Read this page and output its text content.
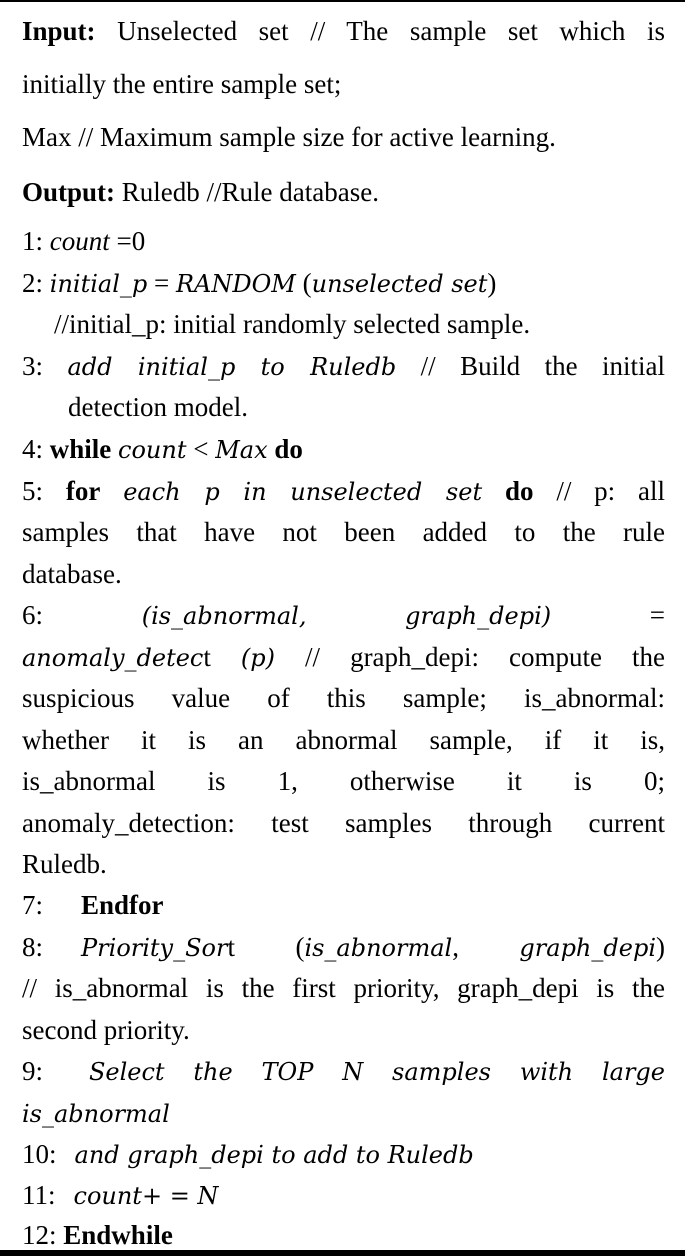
Input: Unselected set // The sample set which is
initially the entire sample set;
Max // Maximum sample size for active learning.
Output: Ruledb //Rule database.
1: count =0
2: initial_p = RANDOM (unselected set)
//initial_p: initial randomly selected sample.
3: add initial_p to Ruledb // Build the initial
detection model.
4: while count < Max do
5: for each p in unselected set do // p: all
samples that have not been added to the rule
database.
6:	(is_abnormal,	graph_depi)	=
anomaly_detect (p) // graph_depi: compute the
suspicious value of this sample; is_abnormal:
whether it is an abnormal sample, if it is,
is_abnormal is 1, otherwise it is 0;
anomaly_detection: test samples through current
Ruledb.
7: Endfor
8: Priority_Sort (is_abnormal,	graph_depi)
// is_abnormal is the first priority, graph_depi is the
second priority.
9: Select the TOP N samples with large
is_abnormal
10: and graph_depi to add to Ruledb
11: count+ = N
12: Endwhile
